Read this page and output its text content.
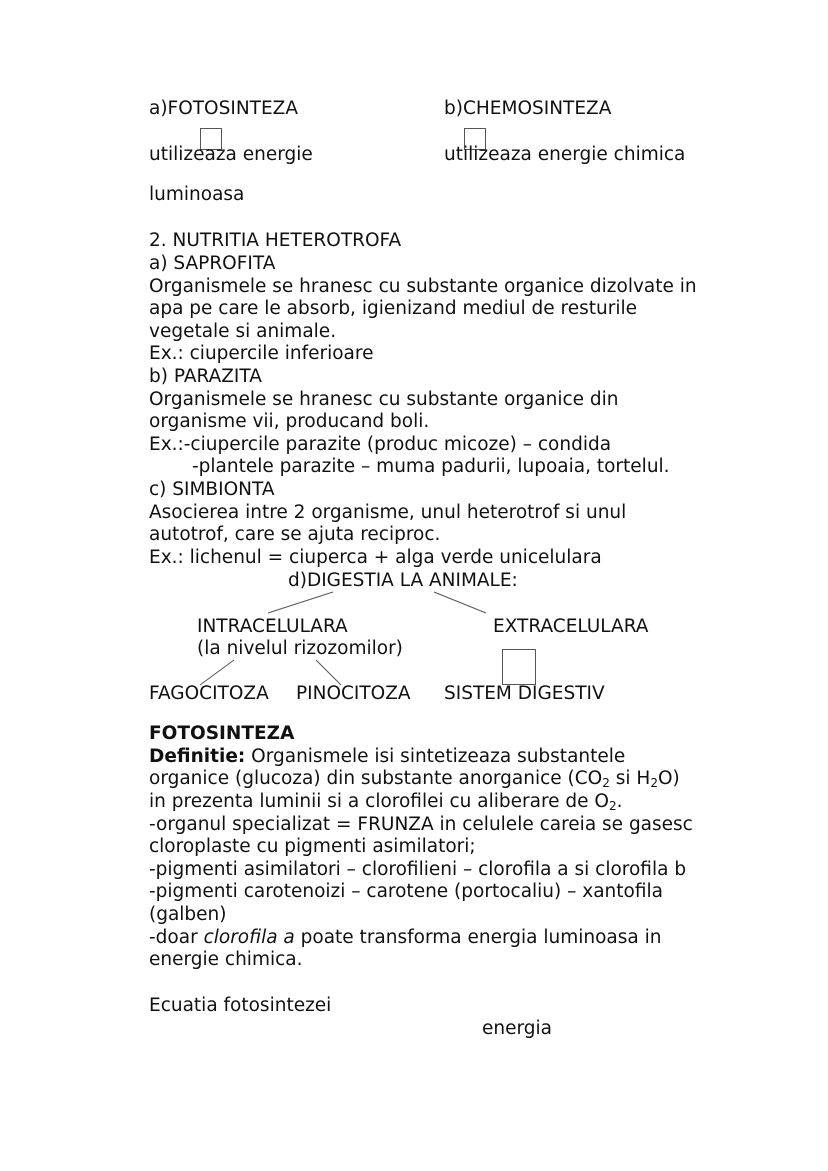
a)FOTOSINTEZA	b)CHEMOSINTEZA
utilizeaza energie	utilizeaza energie chimica
luminoasa
2. NUTRITIA HETEROTROFA
a) SAPROFITA
Organismele se hranesc cu substante organice dizolvate in
apa pe care le absorb, igienizand mediul de resturile
vegetale si animale.
Ex.: ciupercile inferioare
b) PARAZITA
Organismele se hranesc cu substante organice din
organisme vii, producand boli.
Ex.:-ciupercile parazite (produc micoze) – condida
-plantele parazite – muma padurii, lupoaia, tortelul.
c) SIMBIONTA
Asocierea intre 2 organisme, unul heterotrof si unul
autotrof, care se ajuta reciproc.
Ex.: lichenul = ciuperca + alga verde unicelulara
d)DIGESTIA LA ANIMALE:
INTRACELULARA
(la nivelul rizozomilor)
EXTRACELULARA
FAGOCITOZA PINOCITOZA SISTEM DIGESTIV
FOTOSINTEZA
Definitie: Organismele isi sintetizeaza substantele
organice (glucoza) din substante anorganice ($CO_2$ si $H_2O$)
in prezenta luminii si a clorofilei cu aliberare de $O_2$.
-organul specializat = FRUNZA in celulele careia se gasesc
cloroplaste cu pigmenti asimilatori;
-pigmenti asimilatori – clorofilieni – clorofila a si clorofila b
-pigmenti carotenoizi – carotene (portocaliu) – xantofila
(galben)
-doar clorofila a poate transforma energia luminoasa in
energie chimica.
Ecuatia fotosintezei
energia
